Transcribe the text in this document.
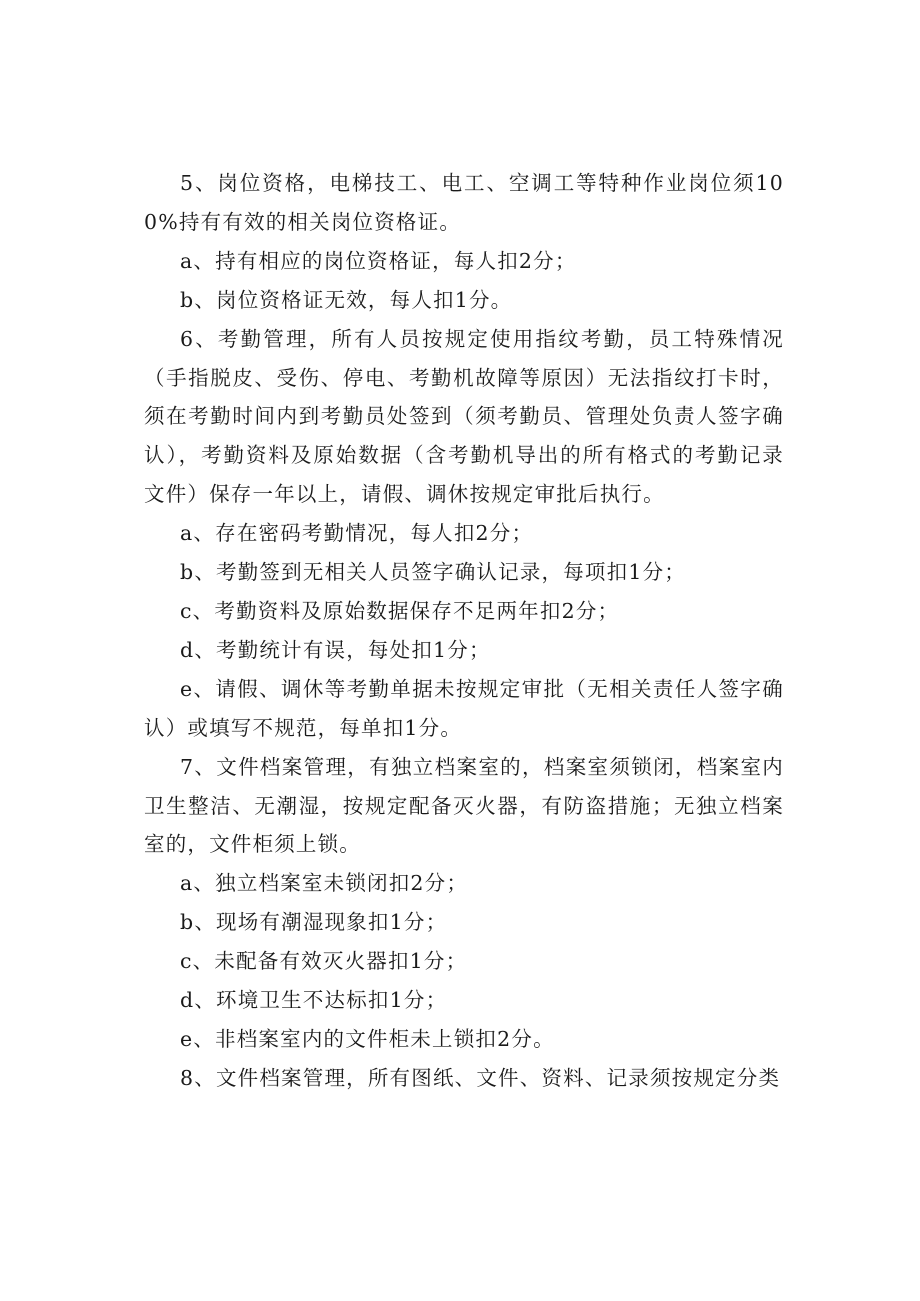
5、岗位资格，电梯技工、电工、空调工等特种作业岗位须100%持有有效的相关岗位资格证。

a、持有相应的岗位资格证，每人扣2分；

b、岗位资格证无效，每人扣1分。

6、考勤管理，所有人员按规定使用指纹考勤，员工特殊情况（手指脱皮、受伤、停电、考勤机故障等原因）无法指纹打卡时，须在考勤时间内到考勤员处签到（须考勤员、管理处负责人签字确认），考勤资料及原始数据（含考勤机导出的所有格式的考勤记录文件）保存一年以上，请假、调休按规定审批后执行。

a、存在密码考勤情况，每人扣2分；

b、考勤签到无相关人员签字确认记录，每项扣1分；

c、考勤资料及原始数据保存不足两年扣2分；

d、考勤统计有误，每处扣1分；

e、请假、调休等考勤单据未按规定审批（无相关责任人签字确认）或填写不规范，每单扣1分。

7、文件档案管理，有独立档案室的，档案室须锁闭，档案室内卫生整洁、无潮湿，按规定配备灭火器，有防盗措施；无独立档案室的，文件柜须上锁。

a、独立档案室未锁闭扣2分；

b、现场有潮湿现象扣1分；

c、未配备有效灭火器扣1分；

d、环境卫生不达标扣1分；

e、非档案室内的文件柜未上锁扣2分。

8、文件档案管理，所有图纸、文件、资料、记录须按规定分类
